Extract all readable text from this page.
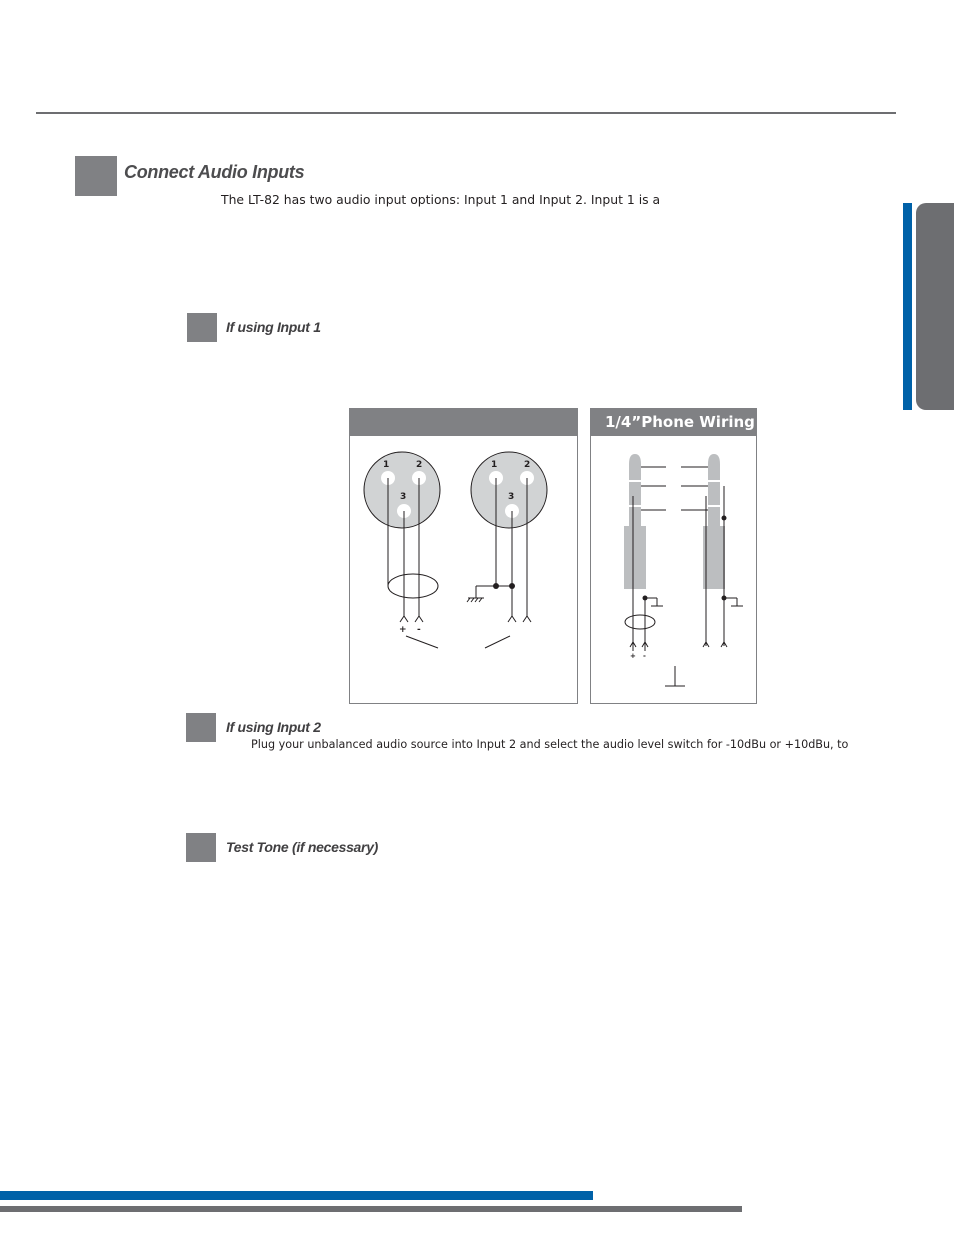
Connect Audio Inputs
The LT-82 has two audio input options: Input 1 and Input 2. Input 1 is a
If using Input 1
1	2
3
+ -
1	2
3
1/4”Phone Wiring
+ -
If using Input 2
Plug your unbalanced audio source into Input 2 and select the audio level switch for -10dBu or +10dBu, to
Test Tone (if necessary)
